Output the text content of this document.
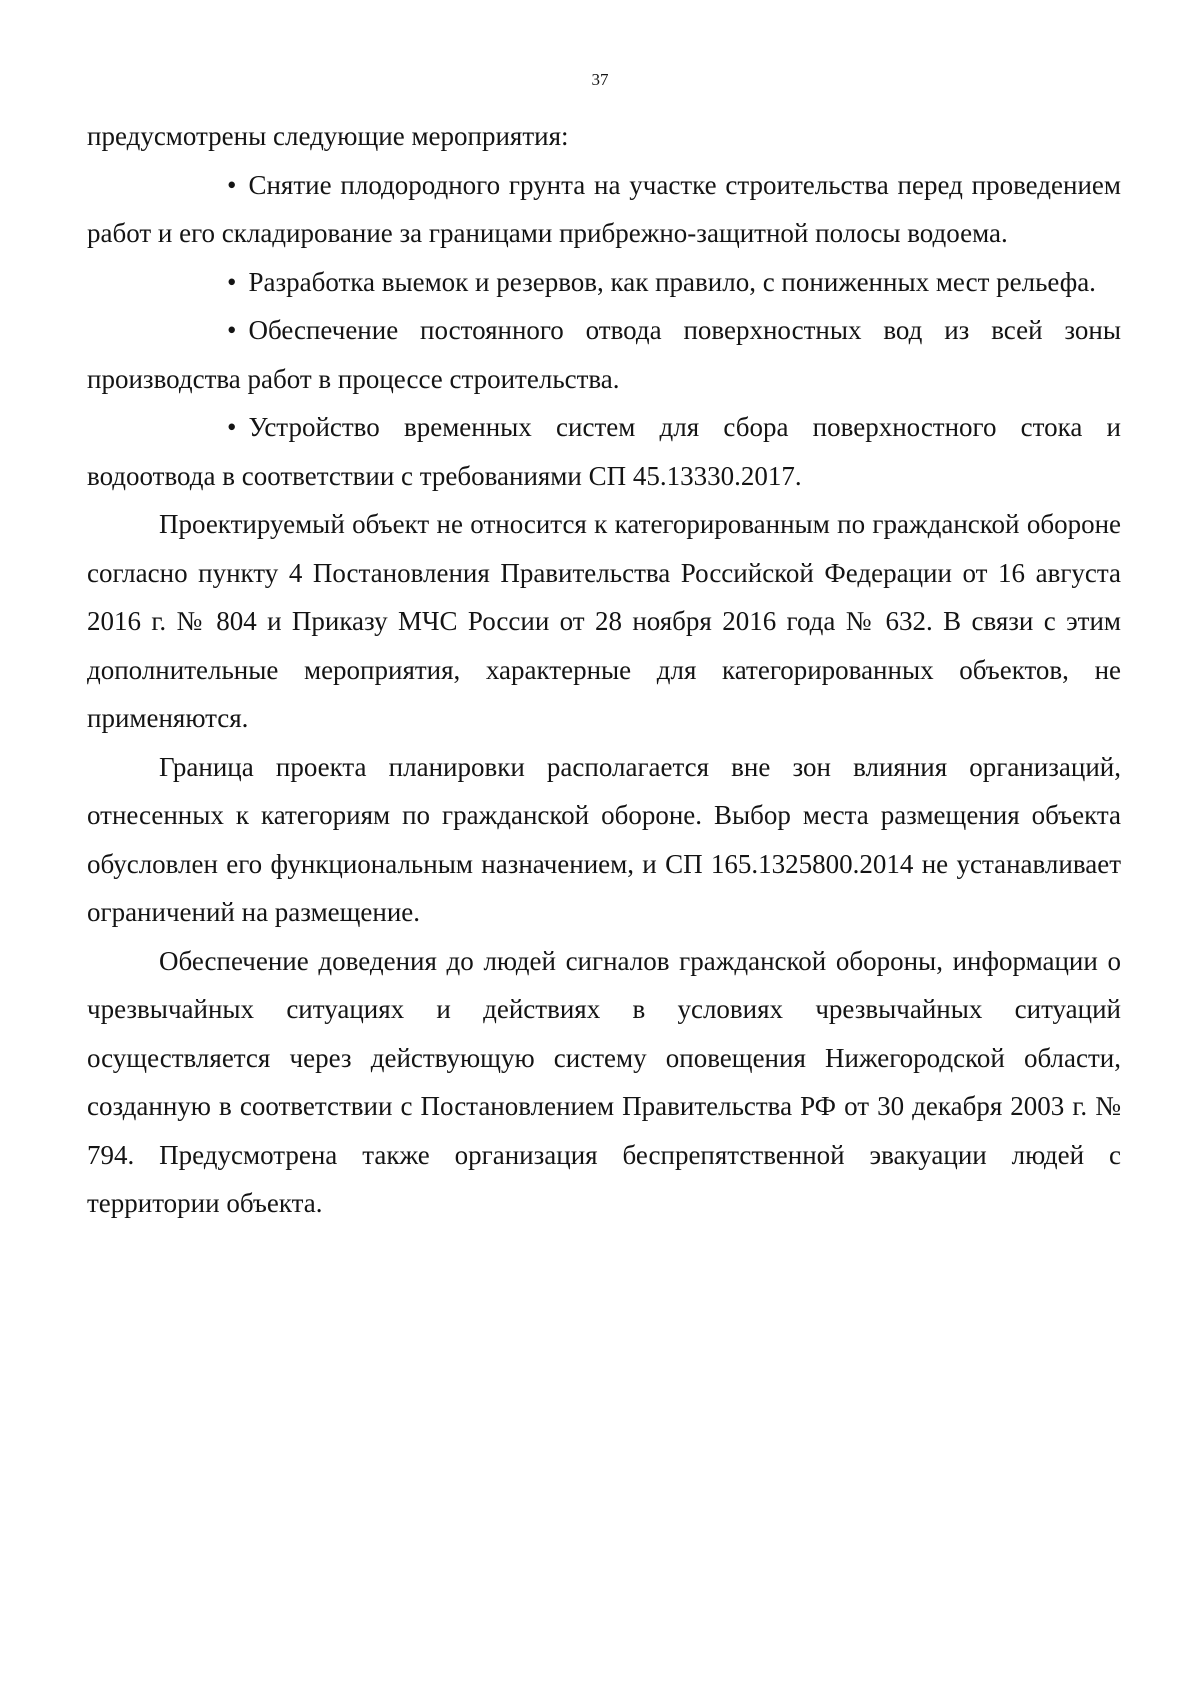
37

предусмотрены следующие мероприятия:

• Снятие плодородного грунта на участке строительства перед проведением работ и его складирование за границами прибрежно-защитной полосы водоема.

• Разработка выемок и резервов, как правило, с пониженных мест рельефа.

• Обеспечение постоянного отвода поверхностных вод из всей зоны производства работ в процессе строительства.

• Устройство временных систем для сбора поверхностного стока и водоотвода в соответствии с требованиями СП 45.13330.2017.

Проектируемый объект не относится к категорированным по гражданской обороне согласно пункту 4 Постановления Правительства Российской Федерации от 16 августа 2016 г. № 804 и Приказу МЧС России от 28 ноября 2016 года № 632. В связи с этим дополнительные мероприятия, характерные для категорированных объектов, не применяются.

Граница проекта планировки располагается вне зон влияния организаций, отнесенных к категориям по гражданской обороне. Выбор места размещения объекта обусловлен его функциональным назначением, и СП 165.1325800.2014 не устанавливает ограничений на размещение.

Обеспечение доведения до людей сигналов гражданской обороны, информации о чрезвычайных ситуациях и действиях в условиях чрезвычайных ситуаций осуществляется через действующую систему оповещения Нижегородской области, созданную в соответствии с Постановлением Правительства РФ от 30 декабря 2003 г. № 794. Предусмотрена также организация беспрепятственной эвакуации людей с территории объекта.
